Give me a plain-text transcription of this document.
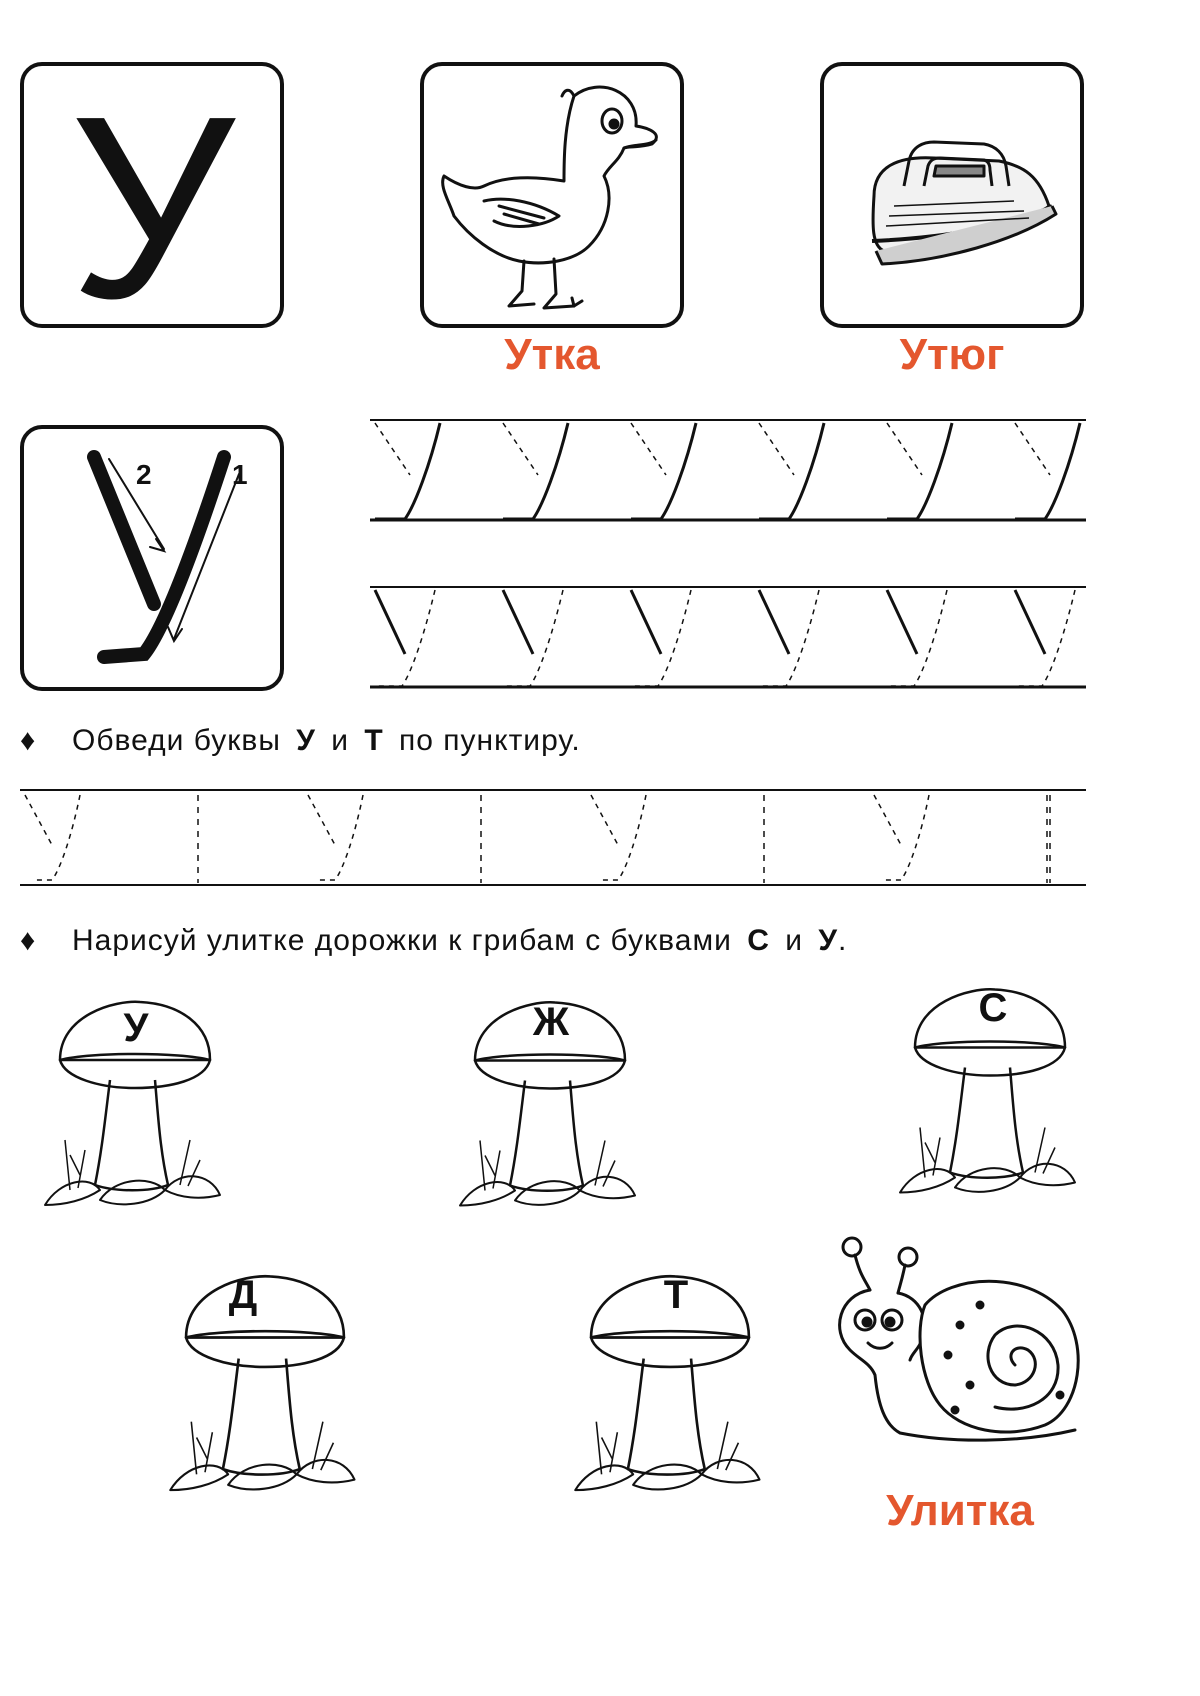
У
Утка	Утюг
2	1
♦ Обведи буквы У и Т по пунктиру.
♦ Нарисуй улитке дорожки к грибам с буквами С и У.
У	Ж	С
Д	Т
Улитка
